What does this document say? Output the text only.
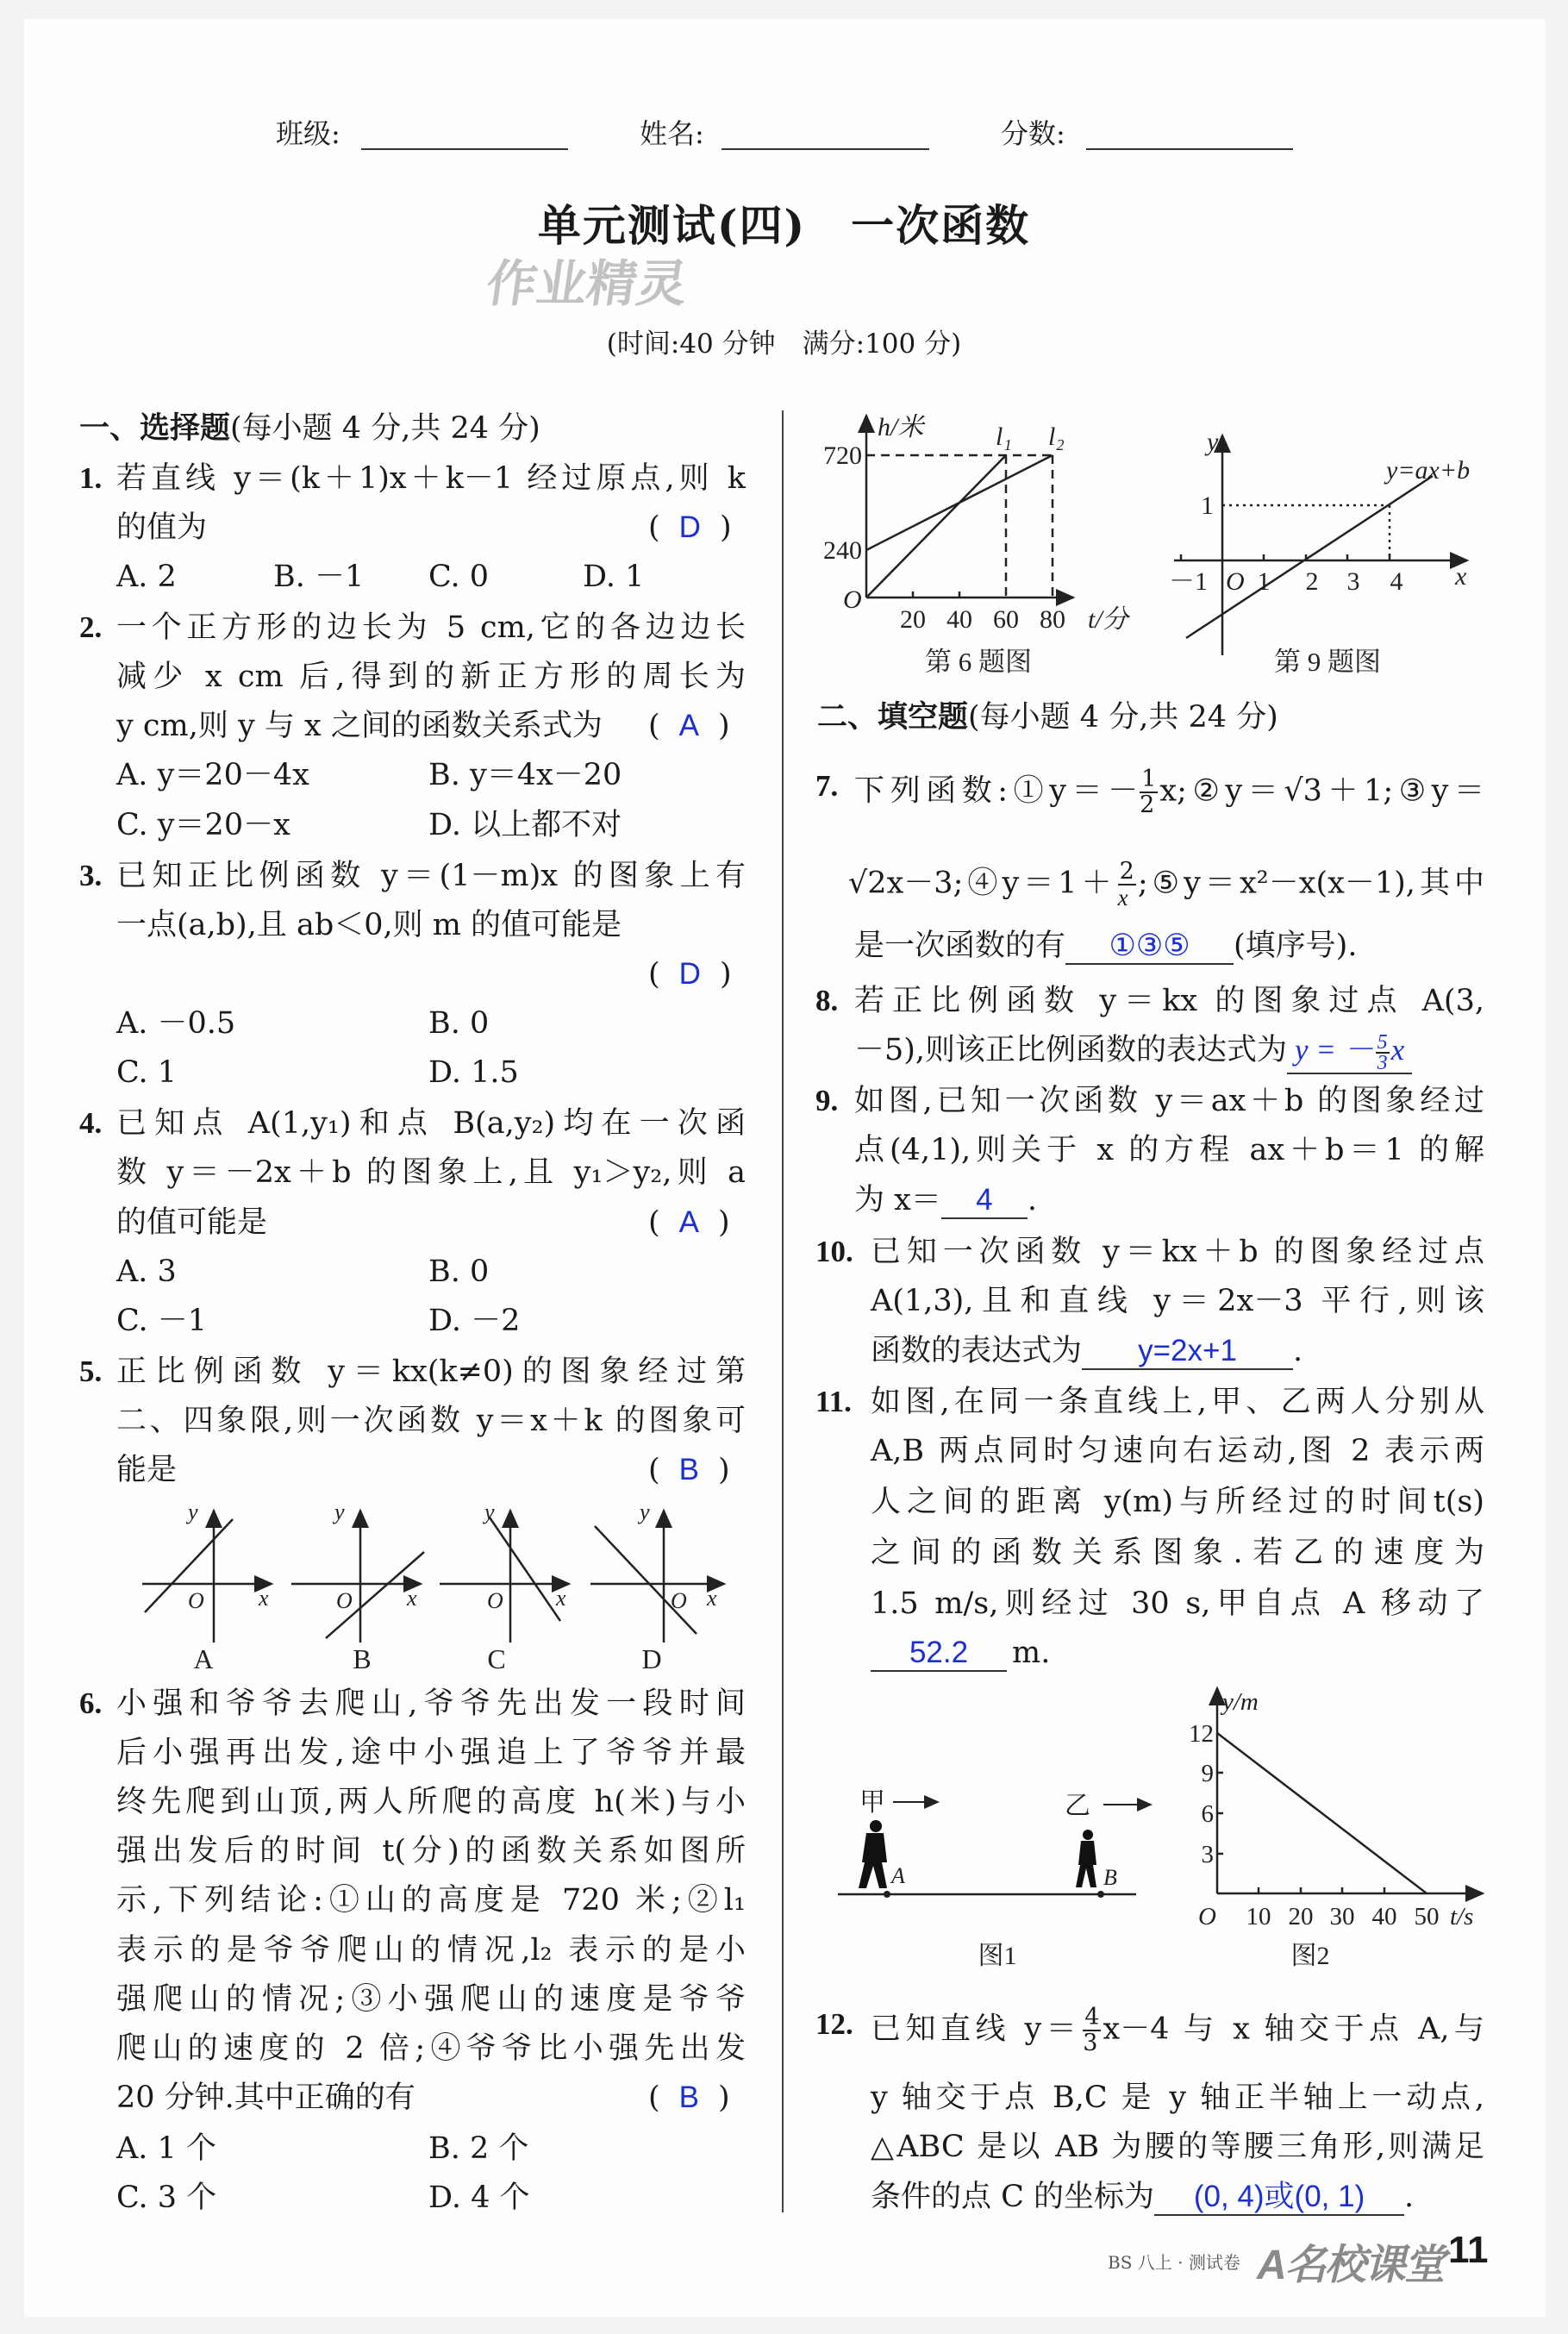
班级:	姓名:	分数:
单元测试(四)　一次函数
作业精灵
(时间:40 分钟　满分:100 分)
一、选择题(每小题 4 分,共 24 分)
1. 若直线 y＝(k＋1)x＋k－1 经过原点,则 k
的值为	( D )
A. 2	B. －1 C. 0	D. 1
2. 一个正方形的边长为 5 cm,它的各边边长
减少 x cm 后,得到的新正方形的周长为
y cm,则 y 与 x 之间的函数关系式为	( A )
A. y＝20－4x	B. y＝4x－20
C. y＝20－x	D. 以上都不对
3. 已知正比例函数 y＝(1－m)x 的图象上有
一点(a,b),且 ab＜0,则 m 的值可能是
( D )
A. －0.5	B. 0
C. 1	D. 1.5
4. 已知点 A(1,y₁)和点 B(a,y₂)均在一次函
数 y＝－2x＋b 的图象上,且 y₁＞y₂,则 a
的值可能是	( A )
A. 3	B. 0
C. －1	D. －2
5. 正比例函数 y＝kx(k≠0)的图象经过第
二、四象限,则一次函数 y＝x＋k 的图象可
能是	( B )
6. 小强和爷爷去爬山,爷爷先出发一段时间
后小强再出发,途中小强追上了爷爷并最
终先爬到山顶,两人所爬的高度 h(米)与小
强出发后的时间 t(分)的函数关系如图所
示,下列结论:①山的高度是 720 米;②l₁
表示的是爷爷爬山的情况,l₂ 表示的是小
强爬山的情况;③小强爬山的速度是爷爷
爬山的速度的 2 倍;④爷爷比小强先出发
20 分钟.其中正确的有	( B )
A. 1 个	B. 2 个
C. 3 个	D. 4 个
二、填空题(每小题 4 分,共 24 分)
7. 下列函数:①y＝－ $\frac{1}{2}$ x;②y＝√3＋1;③y＝
√2x－3;④y＝1＋ $\frac{2}{x}$ ;⑤y＝x²－x(x－1),其中
是一次函数的有 ①③⑤ (填序号).
8. 若正比例函数 y＝kx 的图象过点 A(3,
－5),则该正比例函数的表达式为 y = － $\frac{5}{3}$ x
9. 如图,已知一次函数 y＝ax＋b 的图象经过
点(4,1),则关于 x 的方程 ax＋b＝1 的解
为 x＝ 4 .
10. 已知一次函数 y＝kx＋b 的图象经过点
A(1,3),且和直线 y＝2x－3 平行,则该
函数的表达式为 y=2x+1 .
11. 如图,在同一条直线上,甲、乙两人分别从
A,B 两点同时匀速向右运动,图 2 表示两
人之间的距离 y(m)与所经过的时间t(s)
之间的函数关系图象.若乙的速度为
1.5 m/s,则经过 30 s,甲自点 A 移动了
52.2 m.
12. 已知直线 $y= \frac{4}{3} x-4$ 与 x 轴交于点 A,与
y 轴交于点 B,C 是 y 轴正半轴上一动点,
△ABC 是以 AB 为腰的等腰三角形,则满足
条件的点 C 的坐标为 (0, 4)或(0, 1) .
y
x
O
y
x
O
y
x
O
y
x
O
A	B	C	D
h/米
720
240
O
20 40 60 80 t/分
l₁ l₂
第 6 题图
y
1
－1 O 1 2 3 4 x
y=ax+b
第 9 题图
甲	乙
A	B
图1
y/m
12
9
6
3
O 10 20 30 40 50 t/s
图2
BS 八上 · 测试卷 A名校课堂 11
